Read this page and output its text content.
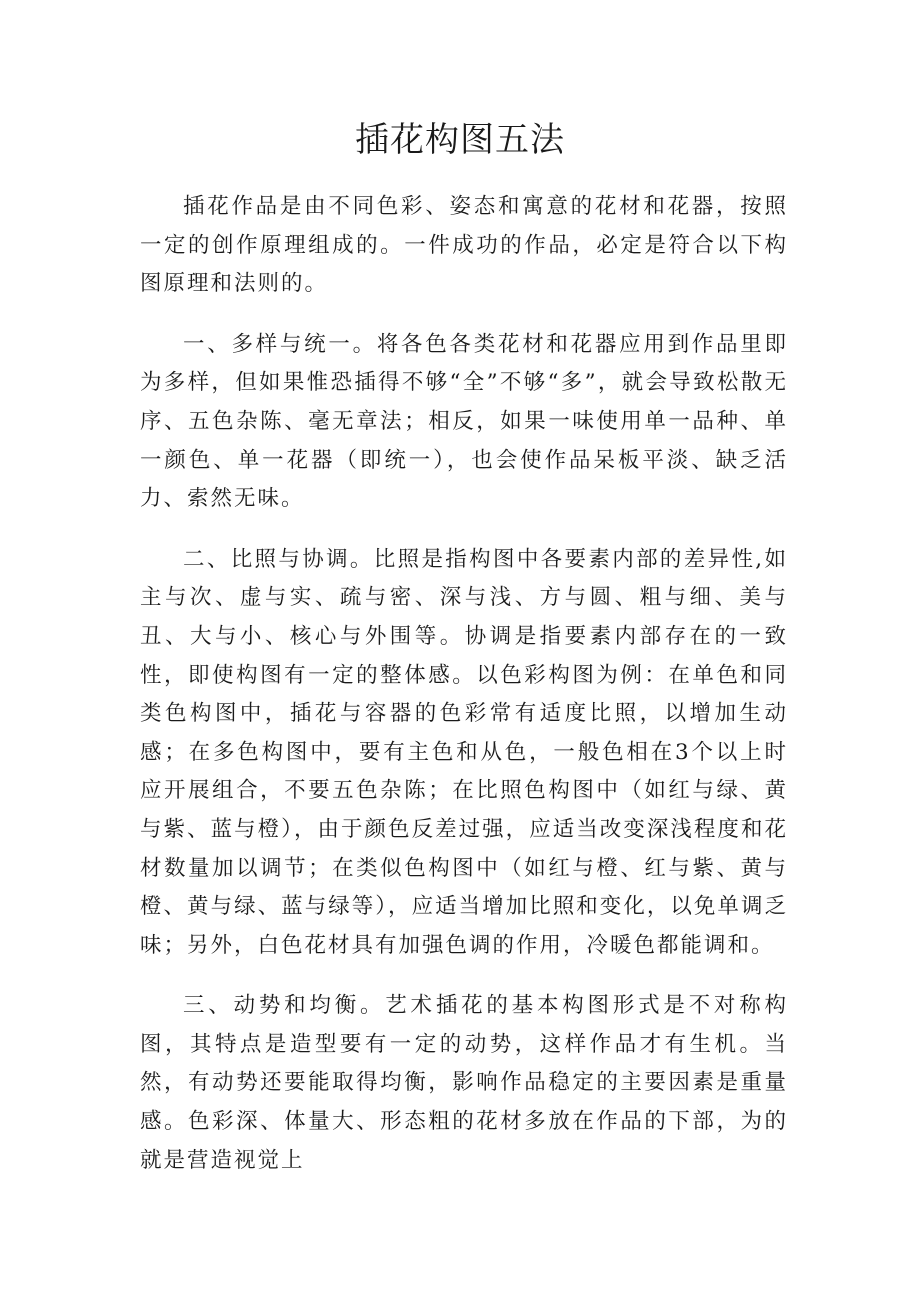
插花构图五法

插花作品是由不同色彩、姿态和寓意的花材和花器，按照一定的创作原理组成的。一件成功的作品，必定是符合以下构图原理和法则的。

一、多样与统一。将各色各类花材和花器应用到作品里即为多样，但如果惟恐插得不够“全”不够“多”，就会导致松散无序、五色杂陈、毫无章法；相反，如果一味使用单一品种、单一颜色、单一花器（即统一），也会使作品呆板平淡、缺乏活力、索然无味。

二、比照与协调。比照是指构图中各要素内部的差异性,如主与次、虚与实、疏与密、深与浅、方与圆、粗与细、美与丑、大与小、核心与外围等。协调是指要素内部存在的一致性，即使构图有一定的整体感。以色彩构图为例：在单色和同类色构图中，插花与容器的色彩常有适度比照，以增加生动感；在多色构图中，要有主色和从色，一般色相在3个以上时应开展组合，不要五色杂陈；在比照色构图中（如红与绿、黄与紫、蓝与橙），由于颜色反差过强，应适当改变深浅程度和花材数量加以调节；在类似色构图中（如红与橙、红与紫、黄与橙、黄与绿、蓝与绿等），应适当增加比照和变化，以免单调乏味；另外，白色花材具有加强色调的作用，冷暖色都能调和。

三、动势和均衡。艺术插花的基本构图形式是不对称构图，其特点是造型要有一定的动势，这样作品才有生机。当然，有动势还要能取得均衡，影响作品稳定的主要因素是重量感。色彩深、体量大、形态粗的花材多放在作品的下部，为的就是营造视觉上
